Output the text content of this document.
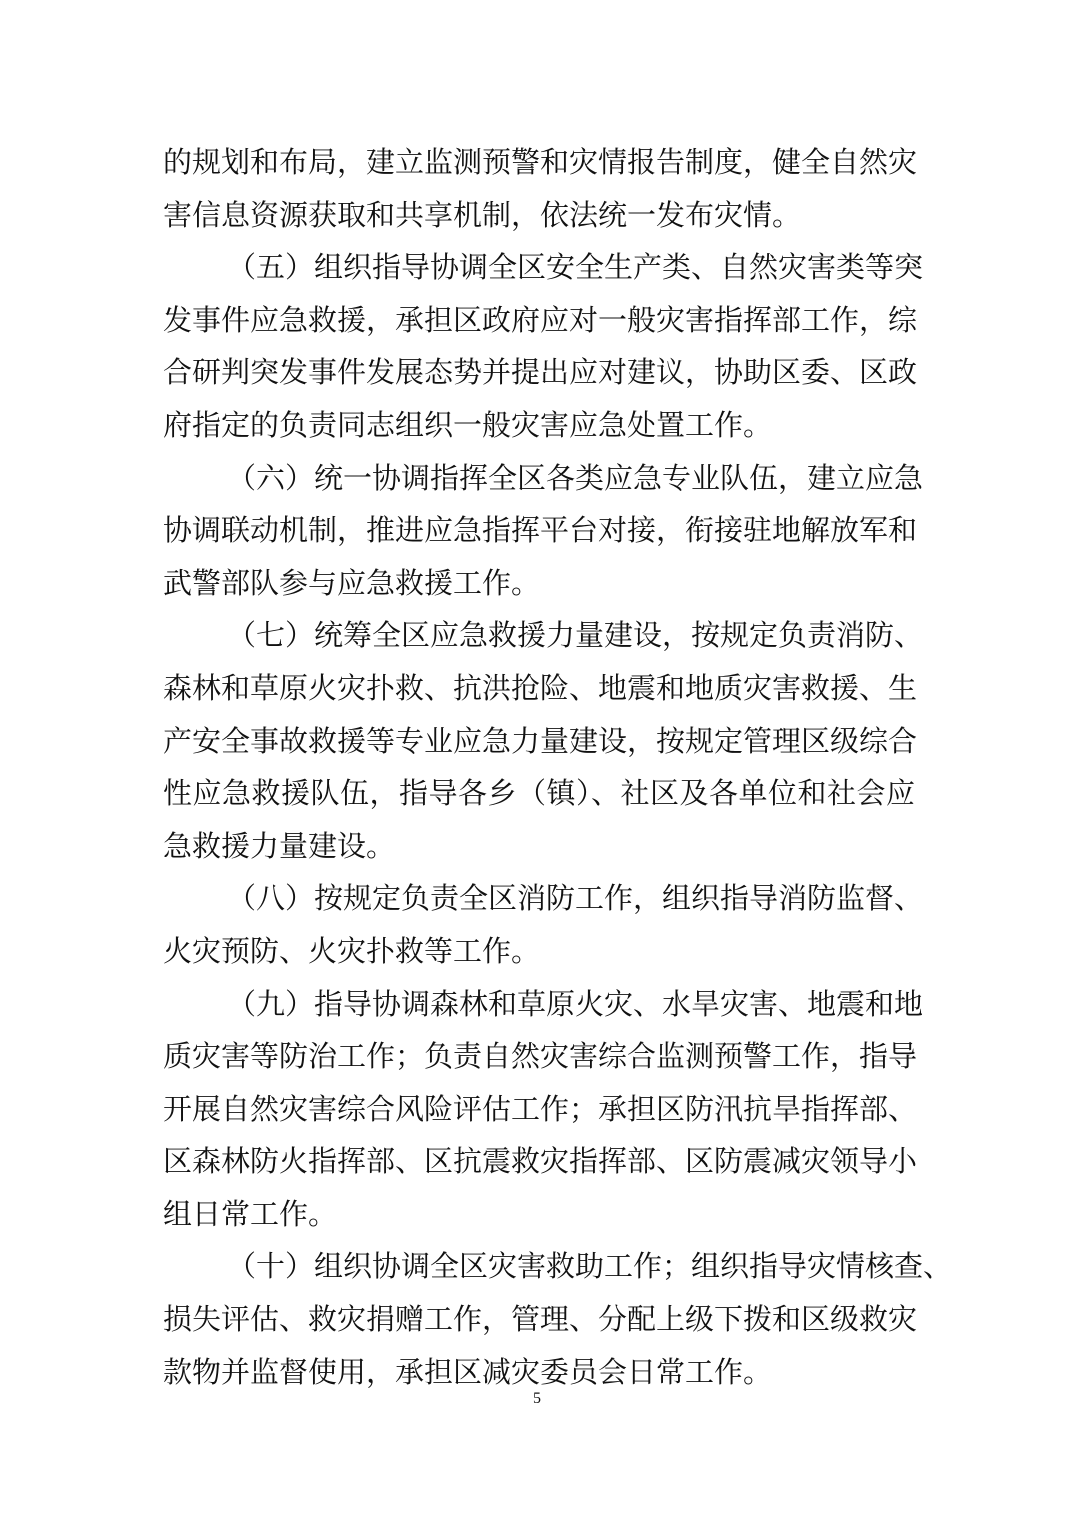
的规划和布局，建立监测预警和灾情报告制度，健全自然灾
害信息资源获取和共享机制，依法统一发布灾情。
（五）组织指导协调全区安全生产类、自然灾害类等突
发事件应急救援，承担区政府应对一般灾害指挥部工作，综
合研判突发事件发展态势并提出应对建议，协助区委、区政
府指定的负责同志组织一般灾害应急处置工作。
（六）统一协调指挥全区各类应急专业队伍，建立应急
协调联动机制，推进应急指挥平台对接，衔接驻地解放军和
武警部队参与应急救援工作。
（七）统筹全区应急救援力量建设，按规定负责消防、
森林和草原火灾扑救、抗洪抢险、地震和地质灾害救援、生
产安全事故救援等专业应急力量建设，按规定管理区级综合
性应急救援队伍，指导各乡（镇）、社区及各单位和社会应
急救援力量建设。
（八）按规定负责全区消防工作，组织指导消防监督、
火灾预防、火灾扑救等工作。
（九）指导协调森林和草原火灾、水旱灾害、地震和地
质灾害等防治工作；负责自然灾害综合监测预警工作，指导
开展自然灾害综合风险评估工作；承担区防汛抗旱指挥部、
区森林防火指挥部、区抗震救灾指挥部、区防震减灾领导小
组日常工作。
（十）组织协调全区灾害救助工作；组织指导灾情核查、
损失评估、救灾捐赠工作，管理、分配上级下拨和区级救灾
款物并监督使用，承担区减灾委员会日常工作。
5
